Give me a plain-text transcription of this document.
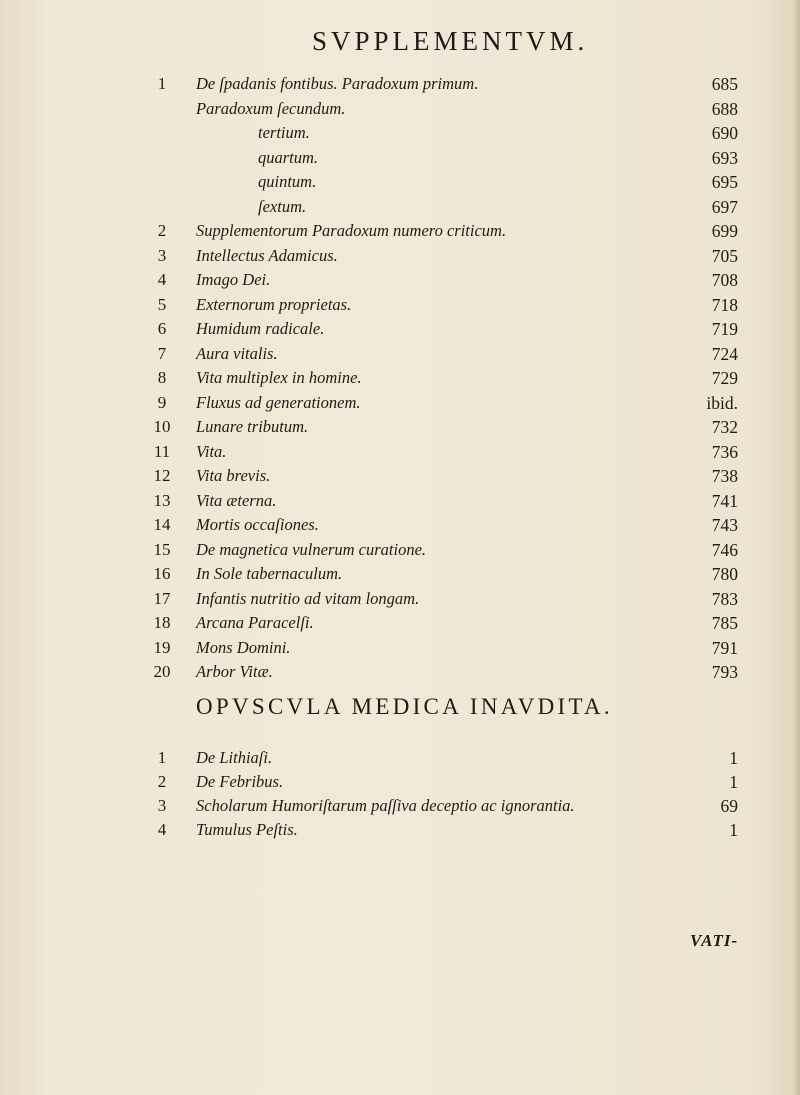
SVPPLEMENTVM.
1	De ſpadanis fontibus. Paradoxum primum.	685
Paradoxum ſecundum.	688
tertium.	690
quartum.	693
quintum.	695
ſextum.	697
2	Supplementorum Paradoxum numero criticum.	699
3	Intellectus Adamicus.	705
4	Imago Dei.	708
5	Externorum proprietas.	718
6	Humidum radicale.	719
7	Aura vitalis.	724
8	Vita multiplex in homine.	729
9	Fluxus ad generationem.	ibid.
10	Lunare tributum.	732
11	Vita.	736
12	Vita brevis.	738
13	Vita æterna.	741
14	Mortis occaſiones.	743
15	De magnetica vulnerum curatione.	746
16	In Sole tabernaculum.	780
17	Infantis nutritio ad vitam longam.	783
18	Arcana Paracelſi.	785
19	Mons Domini.	791
20	Arbor Vitæ.	793
OPVSCVLA MEDICA INAVDITA.
1	De Lithiaſi.	1
2	De Febribus.	1
3	Scholarum Humoriſtarum paſſiva deceptio ac ignorantia.	69
4	Tumulus Peſtis.	1
VATI-
